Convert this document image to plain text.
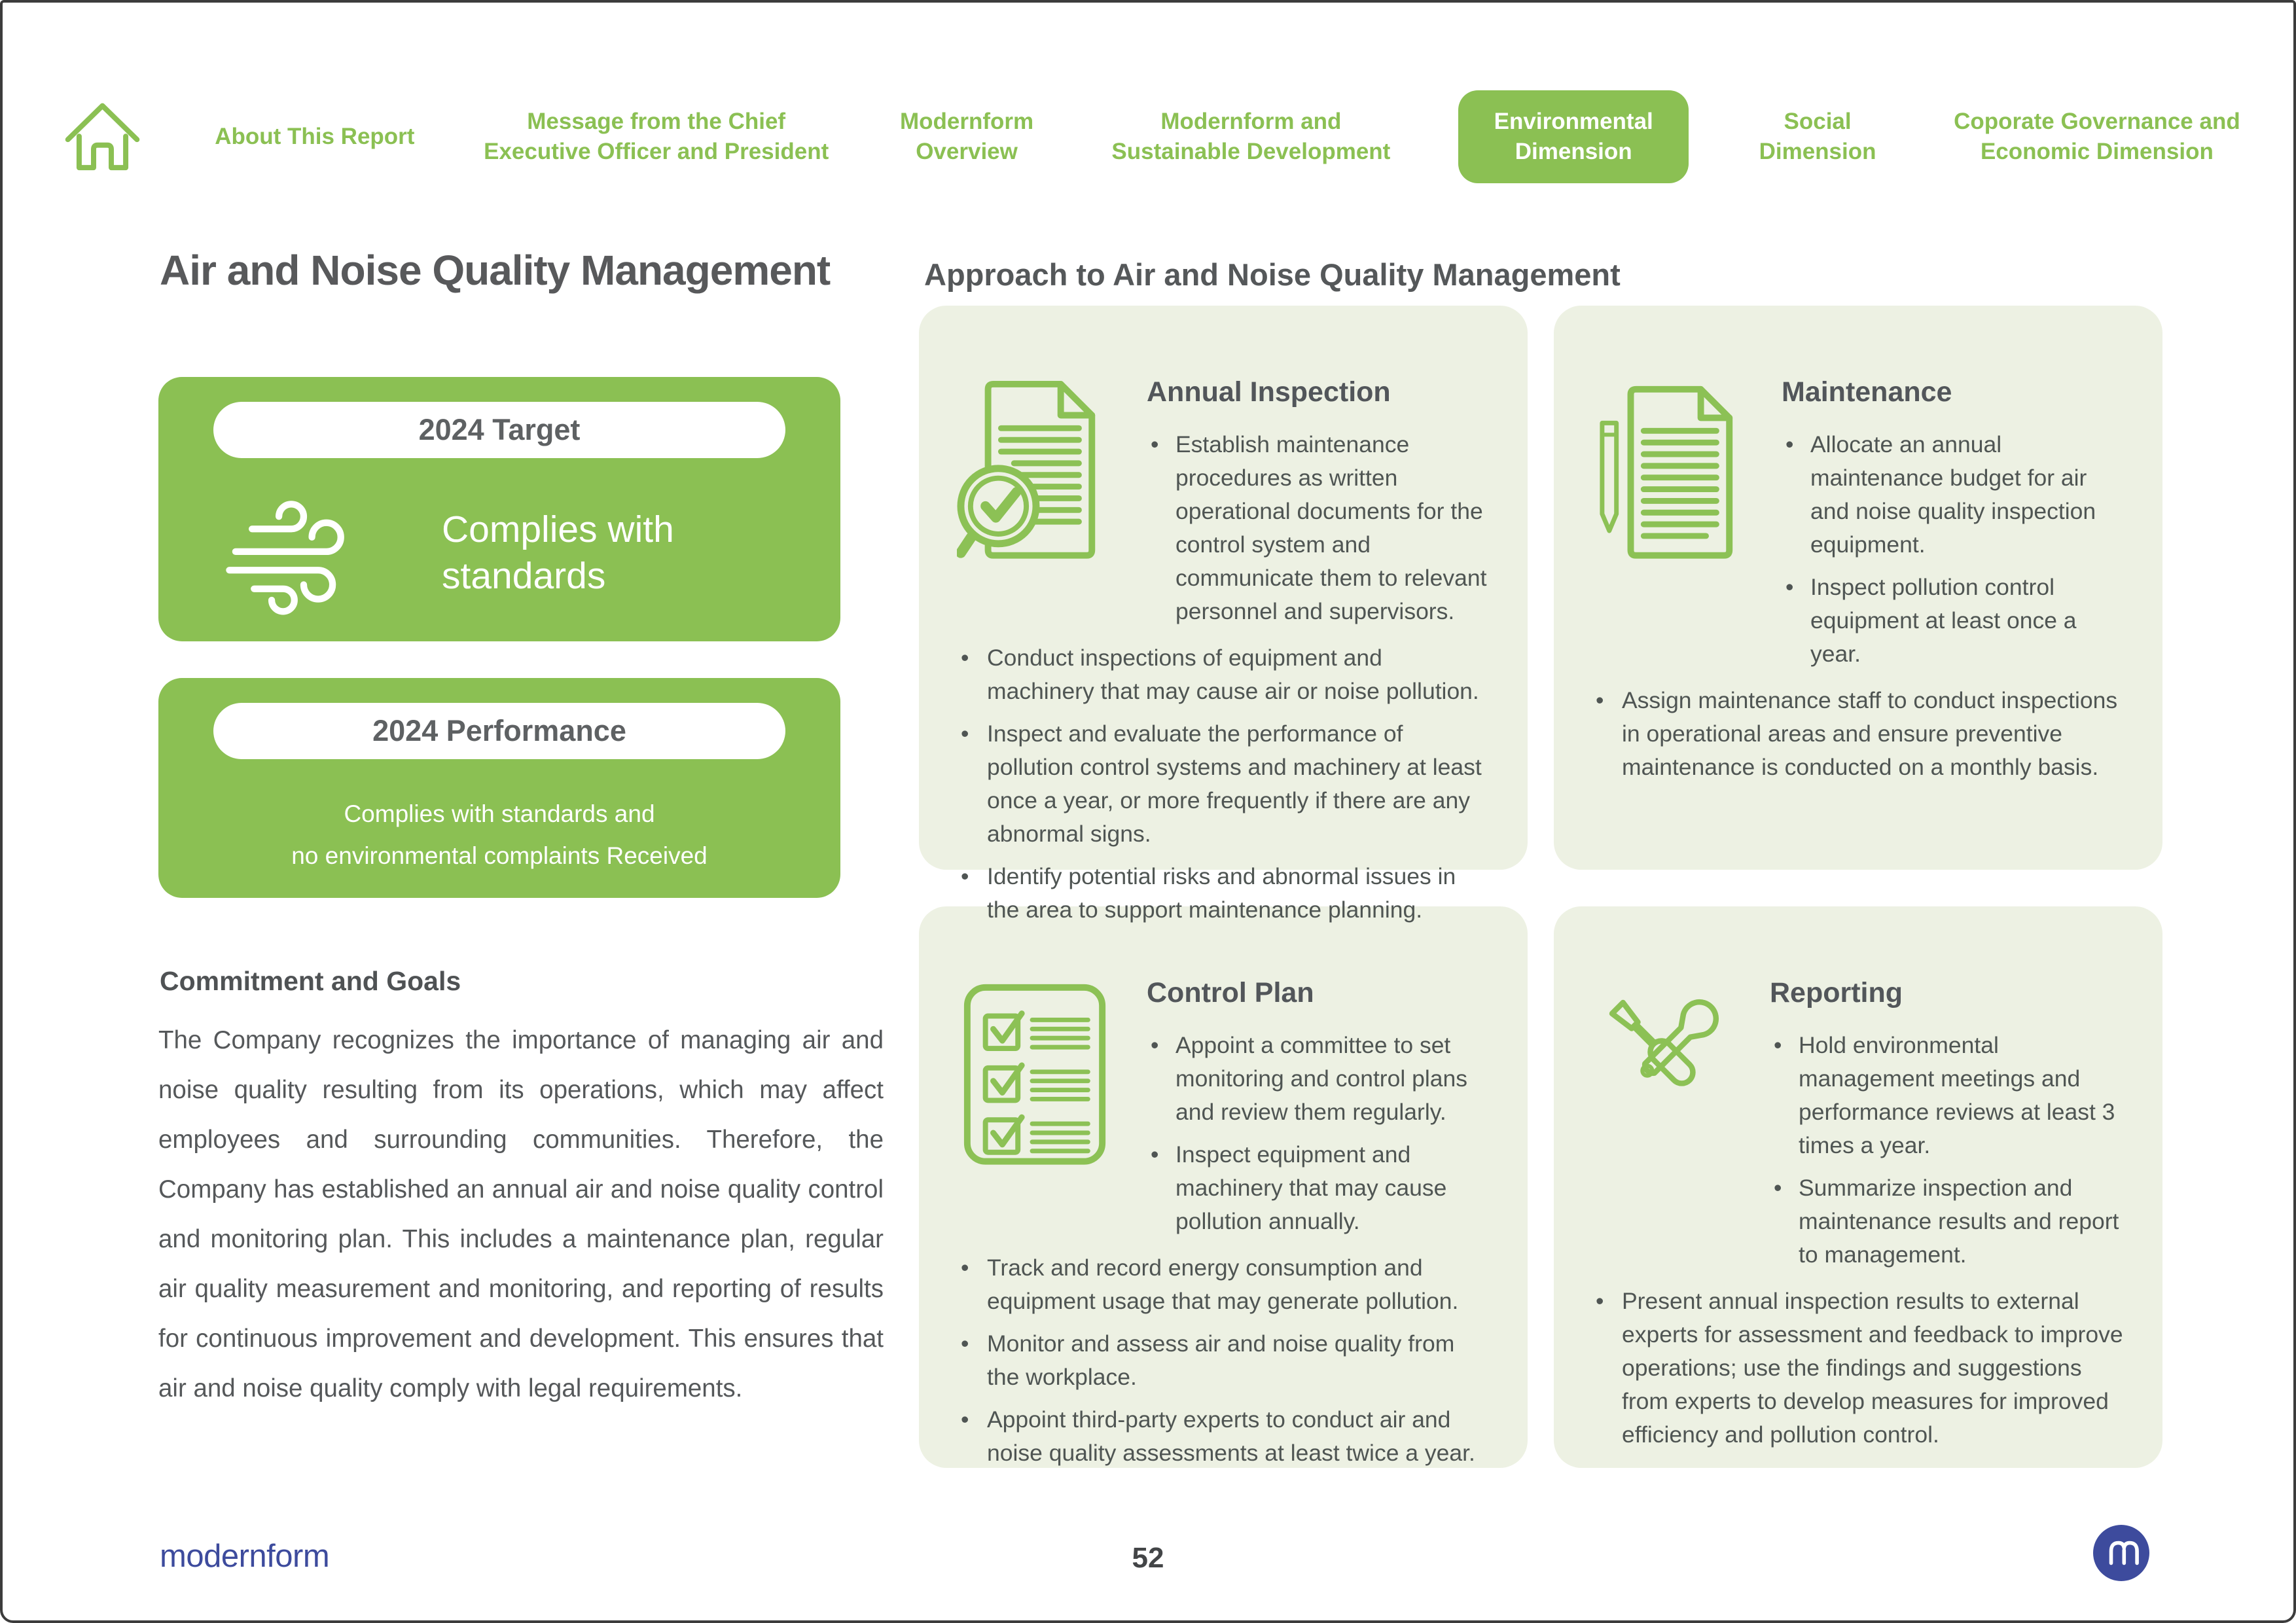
About This Report
Message from the Chief Executive Officer and President
Modernform Overview
Modernform and Sustainable Development
Environmental Dimension
Social Dimension
Coporate Governance and Economic Dimension
Air and Noise Quality Management
2024 Target
Complies with standards
2024 Performance
Complies with standards and
no environmental complaints Received
Commitment and Goals

The Company recognizes the importance of managing air and noise quality resulting from its operations, which may affect employees and surrounding communities. Therefore, the Company has established an annual air and noise quality control and monitoring plan. This includes a maintenance plan, regular air quality measurement and monitoring, and reporting of results for continuous improvement and development. This ensures that air and noise quality comply with legal requirements.

Approach to Air and Noise Quality Management
Annual Inspection
• Establish maintenance procedures as written operational documents for the control system and communicate them to relevant personnel and supervisors.
• Conduct inspections of equipment and machinery that may cause air or noise pollution.
• Inspect and evaluate the performance of pollution control systems and machinery at least once a year, or more frequently if there are any abnormal signs.
• Identify potential risks and abnormal issues in the area to support maintenance planning.
Maintenance
• Allocate an annual maintenance budget for air and noise quality inspection equipment.
• Inspect pollution control equipment at least once a year.
• Assign maintenance staff to conduct inspections in operational areas and ensure preventive maintenance is conducted on a monthly basis.
Control Plan
• Appoint a committee to set monitoring and control plans and review them regularly.
• Inspect equipment and machinery that may cause pollution annually.
• Track and record energy consumption and equipment usage that may generate pollution.
• Monitor and assess air and noise quality from the workplace.
• Appoint third-party experts to conduct air and noise quality assessments at least twice a year.
Reporting
• Hold environmental management meetings and performance reviews at least 3 times a year.
• Summarize inspection and maintenance results and report to management.
• Present annual inspection results to external experts for assessment and feedback to improve operations; use the findings and suggestions from experts to develop measures for improved efficiency and pollution control.
modernform	52
